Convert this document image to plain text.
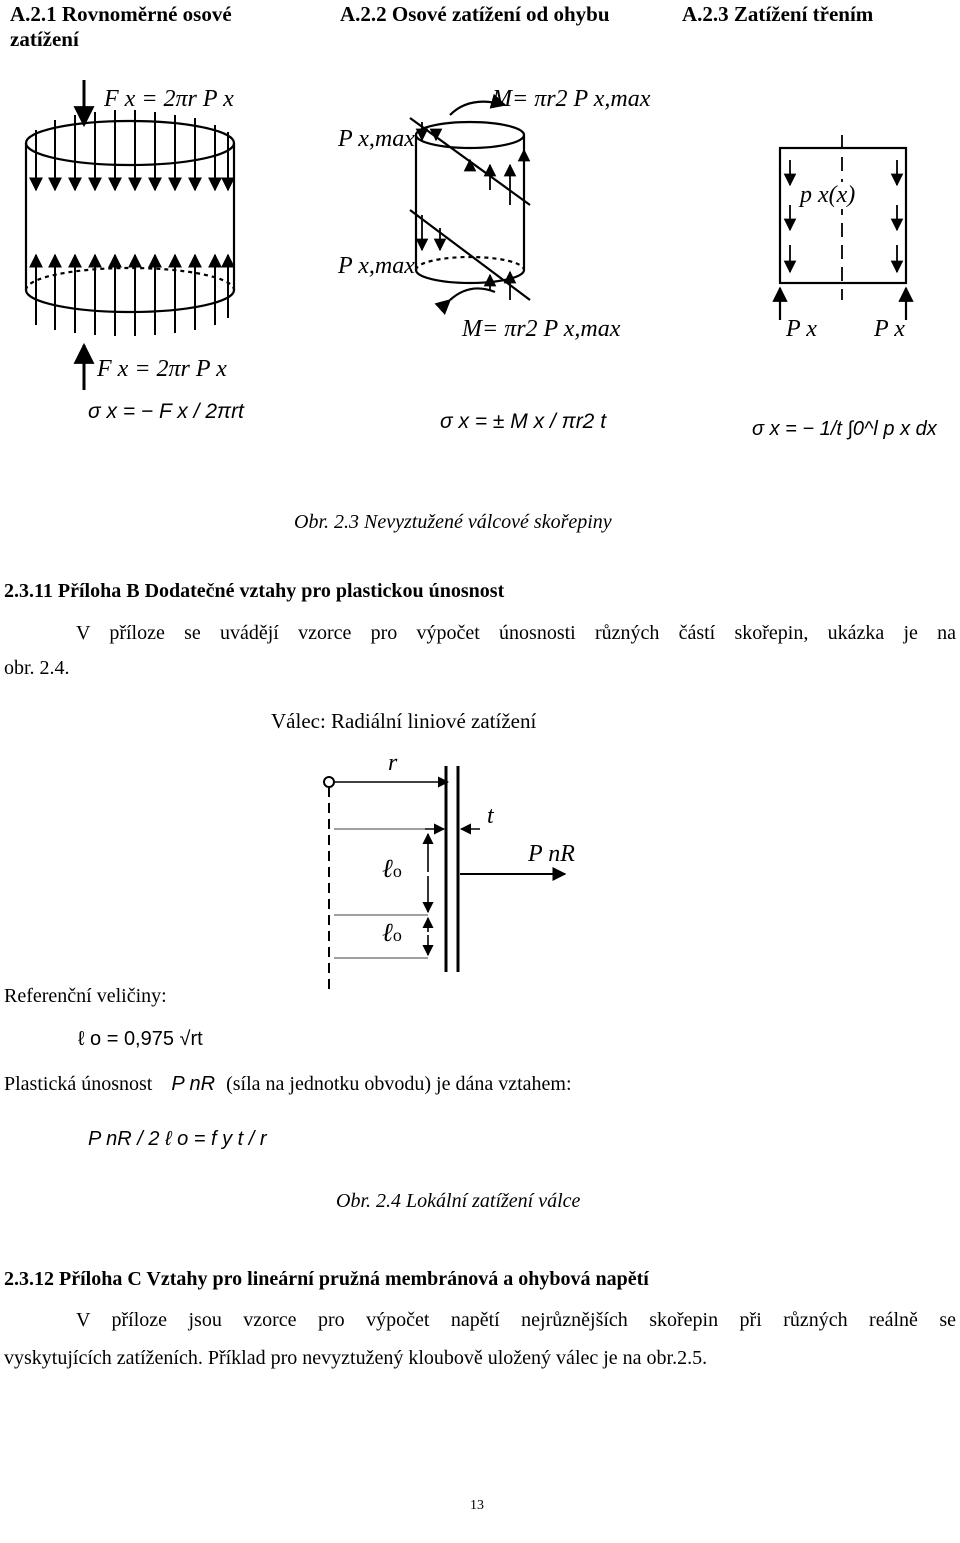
A.2.1 Rovnoměrné osové
zatížení
A.2.2 Osové zatížení od ohybu	A.2.3 Zatížení třením
F x = 2πr P x
F x = 2πr P x
σ x = − F x / 2πrt
M= πr2 P x,max
P x,max
P x,max
M= πr2 P x,max
σ x = ± M x / πr2 t
p x(x)
P x P x
σ x = − 1/t ∫0^l p x dx
Obr. 2.3 Nevyztužené válcové skořepiny
2.3.11 Příloha B Dodatečné vztahy pro plastickou únosnost
V příloze se uvádějí vzorce pro výpočet únosnosti různých částí skořepin, ukázka je na
obr. 2.4.
Válec: Radiální liniové zatížení
r
t
ℓo
ℓo
P nR
Referenční veličiny:
ℓ o = 0,975 √rt
Plastická únosnost P nR (síla na jednotku obvodu) je dána vztahem:
P nR / 2 ℓ o = f y t / r
Obr. 2.4 Lokální zatížení válce
2.3.12 Příloha C Vztahy pro lineární pružná membránová a ohybová napětí
V příloze jsou vzorce pro výpočet napětí nejrůznějších skořepin při různých reálně se
vyskytujících zatíženích. Příklad pro nevyztužený kloubově uložený válec je na obr.2.5.
13
